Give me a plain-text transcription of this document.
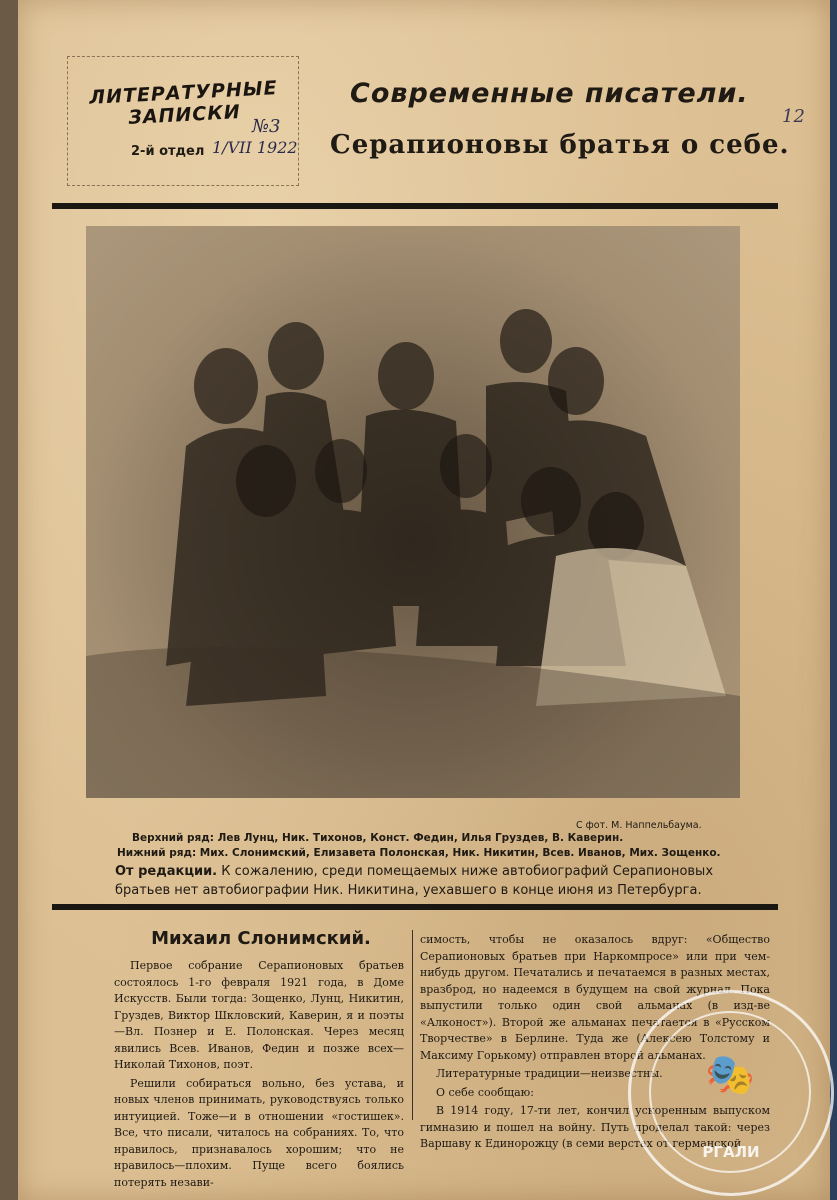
ЛИТЕРАТУРНЫЕ
ЗАПИСКИ №3
2-й отдел 1/VII 1922
Современные писатели.
Серапионовы братья о себе.
12
С фот. М. Наппельбаума.
Верхний ряд: Лев Лунц, Ник. Тихонов, Конст. Федин, Илья Груздев, В. Каверин.
Нижний ряд: Мих. Слонимский, Елизавета Полонская, Ник. Никитин, Всев. Иванов, Мих. Зощенко.
От редакции. К сожалению, среди помещаемых ниже автобиографий Серапионовых братьев нет автобиографии Ник. Никитина, уехавшего в конце июня из Петербурга.
Михаил Слонимский.

Первое собрание Серапионовых братьев состоялось 1-го февраля 1921 года, в Доме Искусств. Были тогда: Зощенко, Лунц, Никитин, Груздев, Виктор Шкловский, Каверин, я и поэты—Вл. Познер и Е. Полонская. Через месяц явились Всев. Иванов, Федин и позже всех—Николай Тихонов, поэт.

Решили собираться вольно, без устава, и новых членов принимать, руководствуясь только интуицией. Тоже—и в отношении «гостишек». Все, что писали, читалось на собраниях. То, что нравилось, признавалось хорошим; что не нравилось—плохим. Пуще всего боялись потерять незави-

симость, чтобы не оказалось вдруг: «Общество Серапионовых братьев при Наркомпросе» или при чем-нибудь другом. Печатались и печатаемся в разных местах, вразброд, но надеемся в будущем на свой журнал. Пока выпустили только один свой альманах (в изд-ве «Алконост»). Второй же альманах печатается в «Русском Творчестве» в Берлине. Туда же (Алексею Толстому и Максиму Горькому) отправлен второй альманах.

Литературные традиции—неизвестны.

О себе сообщаю:

В 1914 году, 17-ти лет, кончил ускоренным выпуском гимназию и пошел на войну. Путь проделал такой: через Варшаву к Единорожцу (в семи верстах от германской

🎭
РГАЛИ
